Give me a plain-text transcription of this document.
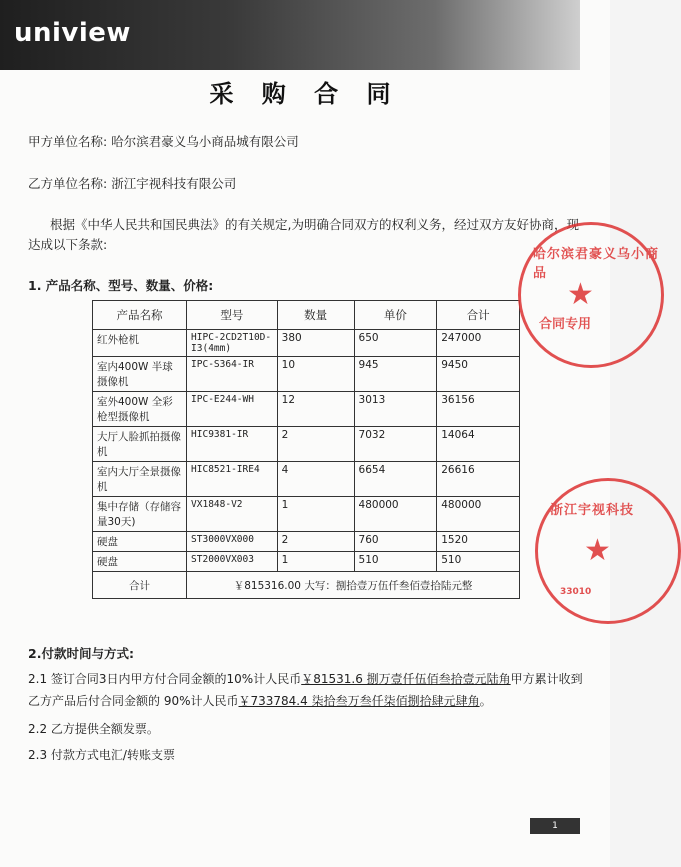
uniview
采 购 合 同
甲方单位名称: 哈尔滨君豪义乌小商品城有限公司
乙方单位名称: 浙江宇视科技有限公司
根据《中华人民共和国民典法》的有关规定,为明确合同双方的权利义务，经过双方友好协商，现达成以下条款:
1. 产品名称、型号、数量、价格:
产品名称	型号	数量	单价	合计
红外枪机	HIPC-2CD2T10D-I3(4mm)	380	650	247000
室内400W 半球摄像机	IPC-S364-IR	10	945	9450
室外400W 全彩枪型摄像机	IPC-E244-WH	12	3013	36156
大厅人脸抓拍摄像机	HIC9381-IR	2	7032	14064
室内大厅全景摄像机	HIC8521-IRE4	4	6654	26616
集中存储（存储容量30天)	VX1848-V2	1	480000	480000
硬盘	ST3000VX000	2	760	1520
硬盘	ST2000VX003	1	510	510
合计	￥815316.00 大写：捌拾壹万伍仟叁佰壹拾陆元整			
2.付款时间与方式:
2.1 签订合同3日内甲方付合同金额的10%计人民币￥81531.6 捌万壹仟伍佰叁拾壹元陆角甲方累计收到乙方产品后付合同金额的 90%计人民币￥733784.4 柒拾叁万叁仟柒佰捌拾肆元肆角。
2.2 乙方提供全额发票。
2.3 付款方式电汇/转账支票
哈尔滨君豪义乌小商品
★
合同专用
浙江宇视科技
★
33010
1
